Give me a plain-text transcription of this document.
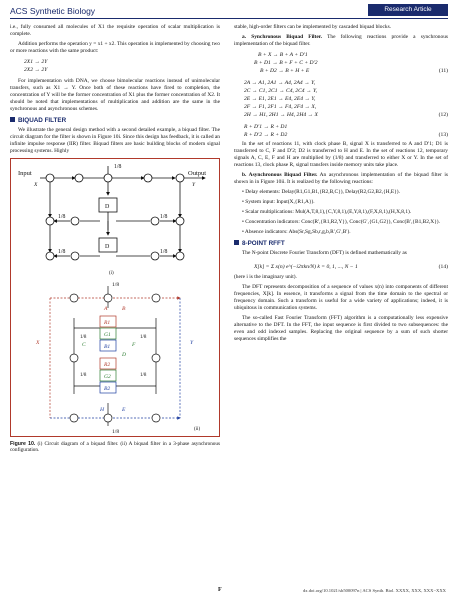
ACS Synthetic Biology	Research Article

i.e., fully consumed all molecules of X1 the requisite operation of scalar multiplication is complete.

Addition performs the operation y = x1 + x2. This operation is implemented by choosing two or more reactions with the same product:

2X1 → 2Y
2X2 → 2Y

For implementation with DNA, we choose bimolecular reactions instead of unimolecular transfers, such as X1 → Y. Once both of these reactions have fired to completion, the concentration of Y will be the former concentration of X1 plus the former concentration of X2. It should be noted that implementations of multiplication and addition are the same in the synchronous and asynchronous schemes.

BIQUAD FILTER

We illustrate the general design method with a second detailed example, a biquad filter. The circuit diagram for the filter is shown in Figure 10i. Since this design has feedback, it is called an infinite impulse response (IIR) filter. Biquad filters are basic building blocks of modern signal processing systems. Highly

Input	Output
X	Y
1/8
1/8	1/8
1/8	1/8
D
D
(i)
1/8
1/8
A	B
C
D
E
F
H
X	Y
R1
G1
B1
R2
G2
B2
1/8	1/8
1/8	1/8
(ii)

Figure 10. (i) Circuit diagram of a biquad filter. (ii) A biquad filter in a 3-phase asynchronous configuration.

stable, high-order filters can be implemented by cascaded biquad blocks.

a. Synchronous Biquad Filter. The following reactions provide a synchronous implementation of the biquad filter.

B + X → B + A + D′1
B + D1 → B + F + C + D′2
B + D2 → B + H + E	(11)
2A → A1, 2A1 → A4, 2A4 → Y,
2C → C1, 2C1 → C4, 2C4 → Y,
2E → E1, 2E1 → E4, 2E4 → Y,
2F → F1, 2F1 → F4, 2F4 → X,
2H → H1, 2H1 → H4, 2H4 → X	(12)
R + D′1 → R + D1
R + D′2 → R + D2	(13)

In the set of reactions 11, with clock phase B, signal X is transferred to A and D′1; D1 is transferred to C, F and D′2; D2 is transferred to H and E. In the set of reactions 12, temporary signals A, C, E, F and H are multiplied by (1/8) and transferred to either X or Y. In the set of reactions 13, clock phase R, signal transfers inside memory units take place.

b. Asynchronous Biquad Filter. An asynchronous implementation of the biquad filter is shown in in Figure 10ii. It is realized by the following reactions:

• Delay elements: Delay(R1,G1,B1,{R2,B,C}), Delay(R2,G2,B2,{H,E}).

• System input: Input(X,{R1,A}).

• Scalar multiplications: Mul(A,T,8,1),{C,Y,8,1),(E,Y,8,1),(F,X,8,1),(H,X,8,1).

• Concentration indicators: Conc(R′,{R1,R2,Y}), Conc(G′,{G1,G2}), Conc(B′,{B1,B2,X}).

• Absence indicators: Abs(Sr,Sg,Sb,r,g,b,R′,G′,B′).

8-POINT RFFT

The N-point Discrete Fourier Transform (DFT) is defined mathematically as

X[k] = Σ x(n) e^(−i2πkn/N) k = 0, 1, ..., N − 1	(14)

(here i is the imaginary unit).

The DFT represents decomposition of a sequence of values x(n) into components of different frequencies, X[k]. In essence, it transforms a signal from the time domain to the spectral or frequency domain. Such a transform is useful for a wide variety of applications; indeed, it is ubiquitous in communication systems.

The so-called Fast Fourier Transform (FFT) algorithm is a computationally less expensive alternative to the DFT. In the FFT, the input sequence is first divided to two subsequences: the even and odd indexed samples. Replacing the original sequence by a sum of such shorter sequences simplifies the

F	dx.doi.org/10.1021/sb500097n | ACS Synth. Biol. XXXX, XXX, XXX−XXX
